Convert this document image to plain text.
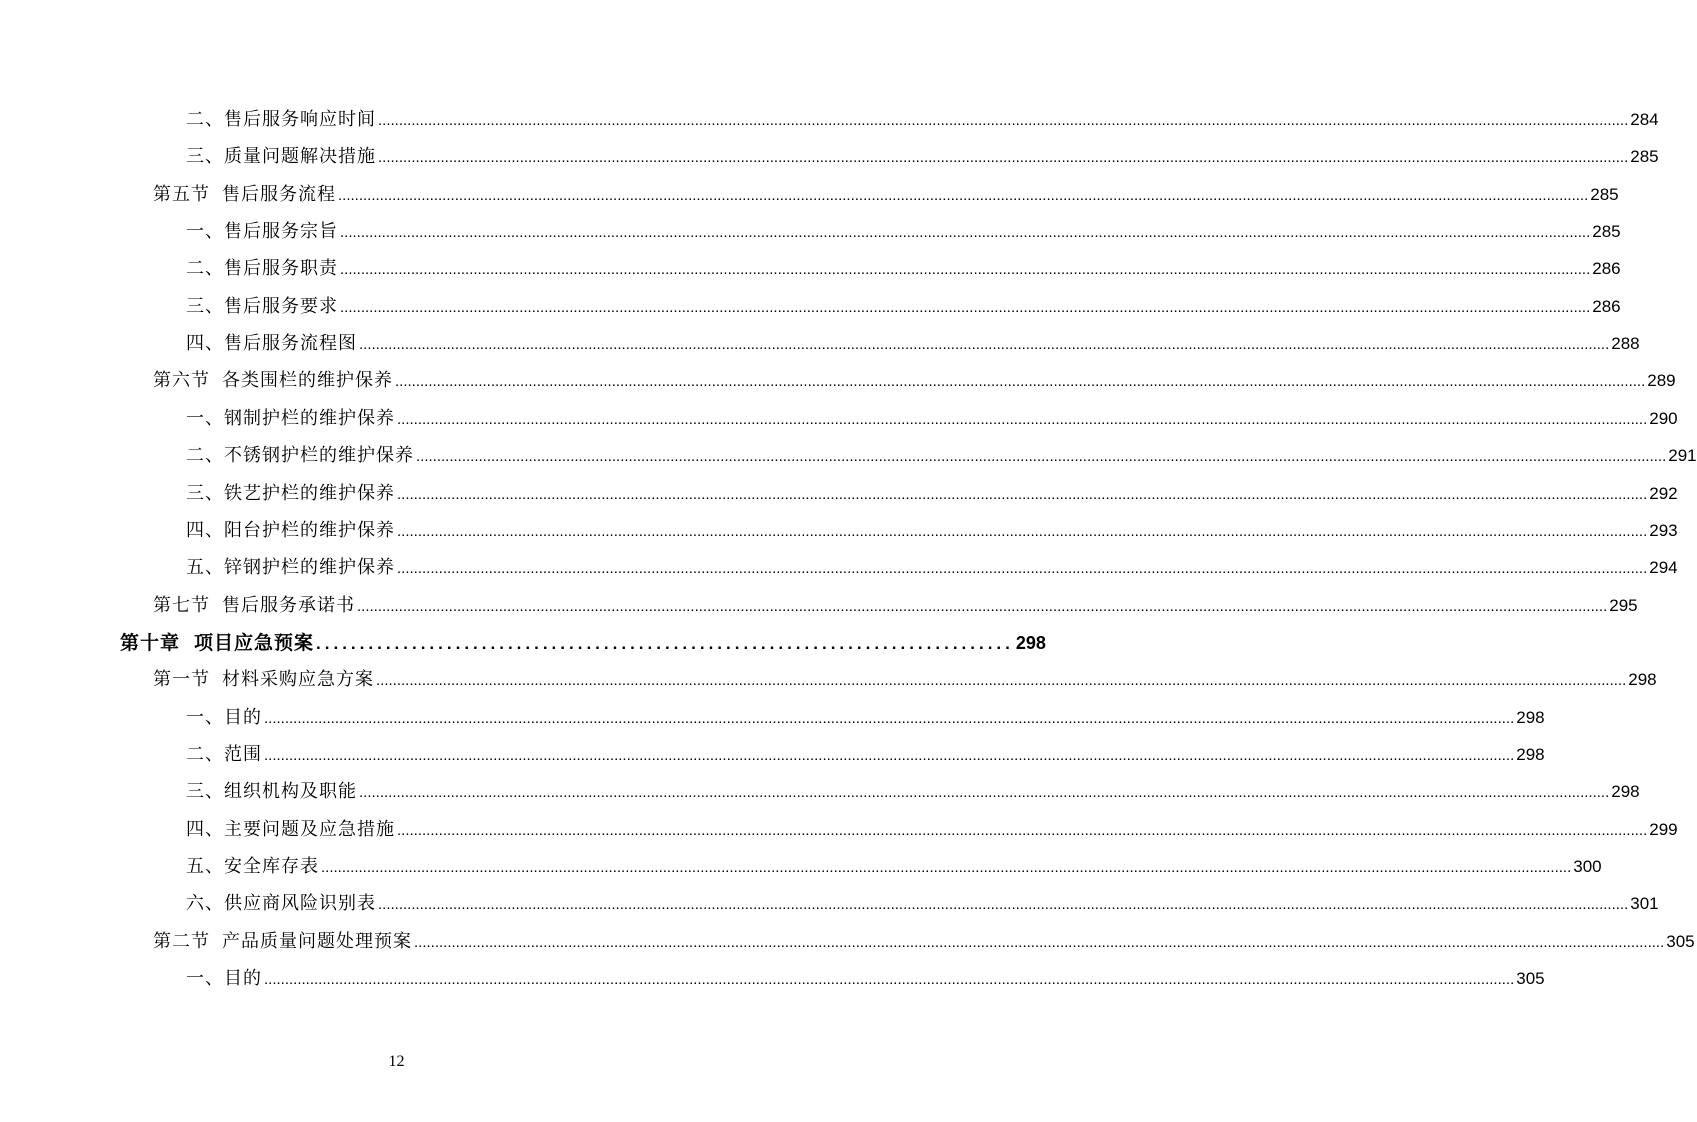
二、 售后服务响应时间 ............................................................................................................................................................................................................................................................................................................ 284
三、 质量问题解决措施 ............................................................................................................................................................................................................................................................................................................ 285
第五节 售后服务流程 ............................................................................................................................................................................................................................................................................................................ 285
一、 售后服务宗旨 ............................................................................................................................................................................................................................................................................................................ 285
二、 售后服务职责 ............................................................................................................................................................................................................................................................................................................ 286
三、 售后服务要求 ............................................................................................................................................................................................................................................................................................................ 286
四、 售后服务流程图 ............................................................................................................................................................................................................................................................................................................ 288
第六节 各类围栏的维护保养 ............................................................................................................................................................................................................................................................................................................ 289
一、 钢制护栏的维护保养 ............................................................................................................................................................................................................................................................................................................ 290
二、 不锈钢护栏的维护保养 ............................................................................................................................................................................................................................................................................................................ 291
三、 铁艺护栏的维护保养 ............................................................................................................................................................................................................................................................................................................ 292
四、 阳台护栏的维护保养 ............................................................................................................................................................................................................................................................................................................ 293
五、 锌钢护栏的维护保养 ............................................................................................................................................................................................................................................................................................................ 294
第七节 售后服务承诺书 ............................................................................................................................................................................................................................................................................................................ 295
第十章 项目应急预案 ................................................................................ 298
第一节 材料采购应急方案 ............................................................................................................................................................................................................................................................................................................ 298
一、 目的 ............................................................................................................................................................................................................................................................................................................ 298
二、 范围 ............................................................................................................................................................................................................................................................................................................ 298
三、 组织机构及职能 ............................................................................................................................................................................................................................................................................................................ 298
四、 主要问题及应急措施 ............................................................................................................................................................................................................................................................................................................ 299
五、 安全库存表 ............................................................................................................................................................................................................................................................................................................ 300
六、 供应商风险识别表 ............................................................................................................................................................................................................................................................................................................ 301
第二节 产品质量问题处理预案 ............................................................................................................................................................................................................................................................................................................ 305
一、 目的 ............................................................................................................................................................................................................................................................................................................ 305
12
